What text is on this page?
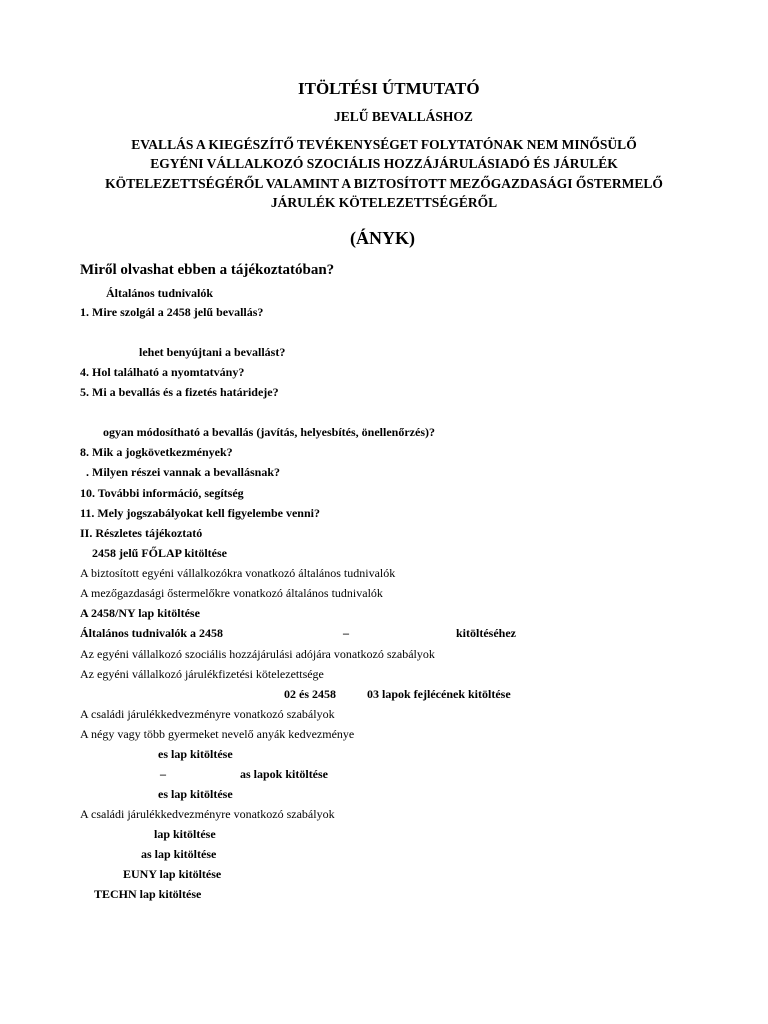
ITÖLTÉSI ÚTMUTATÓ
JELŰ BEVALLÁSHOZ
EVALLÁS A KIEGÉSZÍTŐ TEVÉKENYSÉGET FOLYTATÓNAK NEM MINŐSÜLŐ
EGYÉNI VÁLLALKOZÓ SZOCIÁLIS HOZZÁJÁRULÁSIADÓ ÉS JÁRULÉK
KÖTELEZETTSÉGÉRŐL VALAMINT A BIZTOSÍTOTT MEZŐGAZDASÁGI ŐSTERMELŐ
JÁRULÉK KÖTELEZETTSÉGÉRŐL
(ÁNYK)
Miről olvashat ebben a tájékoztatóban?
Általános tudnivalók
1. Mire szolgál a 2458 jelű bevallás?
lehet benyújtani a bevallást?
4. Hol található a nyomtatvány?
5. Mi a bevallás és a fizetés határideje?
ogyan módosítható a bevallás (javítás, helyesbítés, önellenőrzés)?
8. Mik a jogkövetkezmények?
. Milyen részei vannak a bevallásnak?
10. További információ, segítség
11. Mely jogszabályokat kell figyelembe venni?
II. Részletes tájékoztató
2458 jelű FŐLAP kitöltése
A biztosított egyéni vállalkozókra vonatkozó általános tudnivalók
A mezőgazdasági őstermelőkre vonatkozó általános tudnivalók
A 2458/NY lap kitöltése
Általános tudnivalók a 2458	–	kitöltéséhez
Az egyéni vállalkozó szociális hozzájárulási adójára vonatkozó szabályok
Az egyéni vállalkozó járulékfizetési kötelezettsége
02 és 2458	03 lapok fejlécének kitöltése
A családi járulékkedvezményre vonatkozó szabályok
A négy vagy több gyermeket nevelő anyák kedvezménye
es lap kitöltése
–	as lapok kitöltése
es lap kitöltése
A családi járulékkedvezményre vonatkozó szabályok
lap kitöltése
as lap kitöltése
EUNY lap kitöltése
TECHN lap kitöltése
